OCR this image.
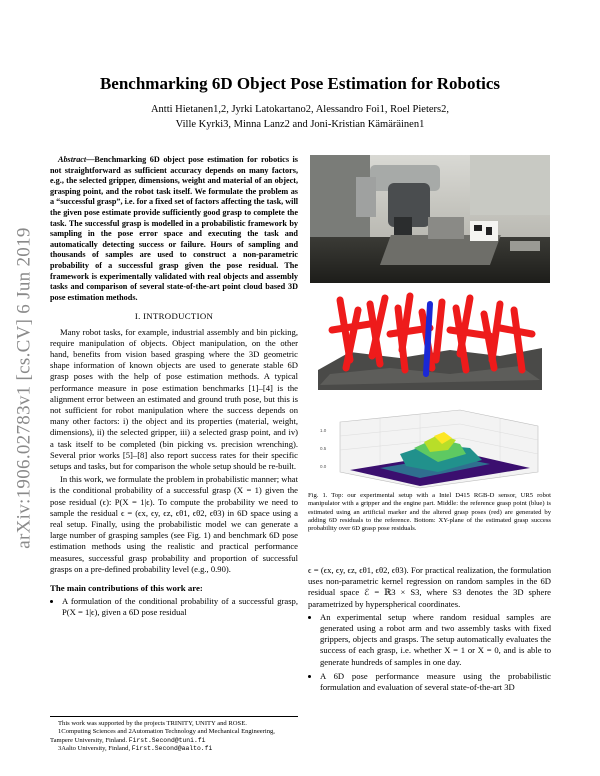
arXiv:1906.02783v1 [cs.CV] 6 Jun 2019
Benchmarking 6D Object Pose Estimation for Robotics
Antti Hietanen1,2, Jyrki Latokartano2, Alessandro Foi1, Roel Pieters2,
Ville Kyrki3, Minna Lanz2 and Joni-Kristian Kämäräinen1
Abstract—Benchmarking 6D object pose estimation for robotics is not straightforward as sufficient accuracy depends on many factors, e.g., the selected gripper, dimensions, weight and material of an object, grasping point, and the robot task itself. We formulate the problem as a “successful grasp”, i.e. for a fixed set of factors affecting the task, will the given pose estimate provide sufficiently good grasp to complete the task. The successful grasp is modelled in a probabilistic framework by sampling in the pose error space and executing the task and automatically detecting success or failure. Hours of sampling and thousands of samples are used to construct a non-parametric probability of a successful grasp given the pose residual. The framework is experimentally validated with real objects and assembly tasks and comparison of several state-of-the-art point cloud based 3D pose estimation methods.
I. INTRODUCTION

Many robot tasks, for example, industrial assembly and bin picking, require manipulation of objects. Object manipulation, on the other hand, benefits from vision based grasping where the 3D geometric shape information of known objects are used to generate stable 6D grasp poses with the help of pose estimation methods. A typical performance measure in pose estimation benchmarks [1]–[4] is the alignment error between an estimated and ground truth pose, but this is not sufficient for robot manipulation where the success depends on many other factors: i) the object and its properties (material, weight, dimensions), ii) the selected gripper, iii) a selected grasp point, and iv) a task itself to be completed (bin picking vs. precision wrenching). Several prior works [5]–[8] also report success rates for their specific setups and tasks, but for comparison the whole setup should be re-built.

In this work, we formulate the problem in probabilistic manner; what is the conditional probability of a successful grasp (X = 1) given the pose residual (ϵ): P(X = 1|ϵ). To compute the probability we need to sample the residual ϵ = (ϵx, ϵy, ϵz, ϵθ1, ϵθ2, ϵθ3) in 6D space using a real setup. Finally, using the probabilistic model we can generate a large number of grasping samples (see Fig. 1) and benchmark 6D pose estimation methods using the realistic and practical performance measures, successful grasp probability and proportion of successful grasps on a pre-defined probability level (e.g., 0.90).

The main contributions of this work are:
• A formulation of the conditional probability of a successful grasp, P(X = 1|ϵ), given a 6D pose residual
This work was supported by the projects TRINITY, UNITY and ROSE.
1Computing Sciences and 2Automation Technology and Mechanical Engineering, Tampere University, Finland. First.Second@tuni.fi
3Aalto University, Finland, First.Second@aalto.fi

1.0
0.5
0.0
Fig. 1. Top: our experimental setup with a Intel D415 RGB-D sensor, UR5 robot manipulator with a gripper and the engine part. Middle: the reference grasp point (blue) is estimated using an artificial marker and the altered grasp poses (red) are generated by adding 6D residuals to the reference. Bottom: XY-plane of the estimated grasp success probability over 6D grasp pose residuals.

ϵ = (ϵx, ϵy, ϵz, ϵθ1, ϵθ2, ϵθ3). For practical realization, the formulation uses non-parametric kernel regression on random samples in the 6D residual space ℰ = ℝ3 × S3, where S3 denotes the 3D sphere parametrized by hyperspherical coordinates.

• An experimental setup where random residual samples are generated using a robot arm and two assembly tasks with fixed grippers, objects and grasps. The setup automatically evaluates the success of each grasp, i.e. whether X = 1 or X = 0, and is able to generate hundreds of samples in one day.
• A 6D pose performance measure using the probabilistic formulation and evaluation of several state-of-the-art 3D
